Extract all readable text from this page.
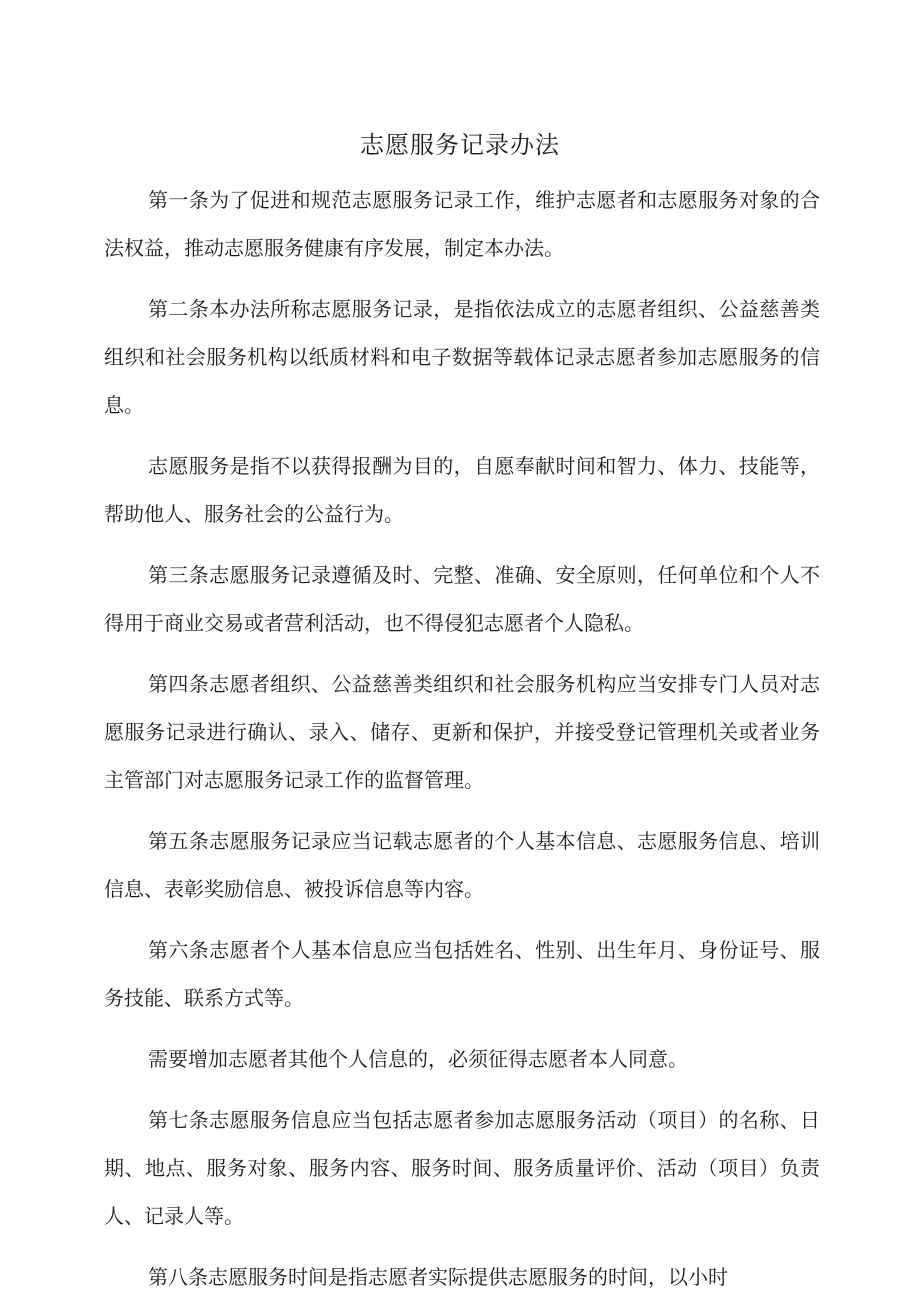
志愿服务记录办法

第一条为了促进和规范志愿服务记录工作，维护志愿者和志愿服务对象的合法权益，推动志愿服务健康有序发展，制定本办法。

第二条本办法所称志愿服务记录，是指依法成立的志愿者组织、公益慈善类组织和社会服务机构以纸质材料和电子数据等载体记录志愿者参加志愿服务的信息。

志愿服务是指不以获得报酬为目的，自愿奉献时间和智力、体力、技能等，帮助他人、服务社会的公益行为。

第三条志愿服务记录遵循及时、完整、准确、安全原则，任何单位和个人不得用于商业交易或者营利活动，也不得侵犯志愿者个人隐私。

第四条志愿者组织、公益慈善类组织和社会服务机构应当安排专门人员对志愿服务记录进行确认、录入、储存、更新和保护，并接受登记管理机关或者业务主管部门对志愿服务记录工作的监督管理。

第五条志愿服务记录应当记载志愿者的个人基本信息、志愿服务信息、培训信息、表彰奖励信息、被投诉信息等内容。

第六条志愿者个人基本信息应当包括姓名、性别、出生年月、身份证号、服务技能、联系方式等。

需要增加志愿者其他个人信息的，必须征得志愿者本人同意。

第七条志愿服务信息应当包括志愿者参加志愿服务活动（项目）的名称、日期、地点、服务对象、服务内容、服务时间、服务质量评价、活动（项目）负责人、记录人等。

第八条志愿服务时间是指志愿者实际提供志愿服务的时间，以小时
